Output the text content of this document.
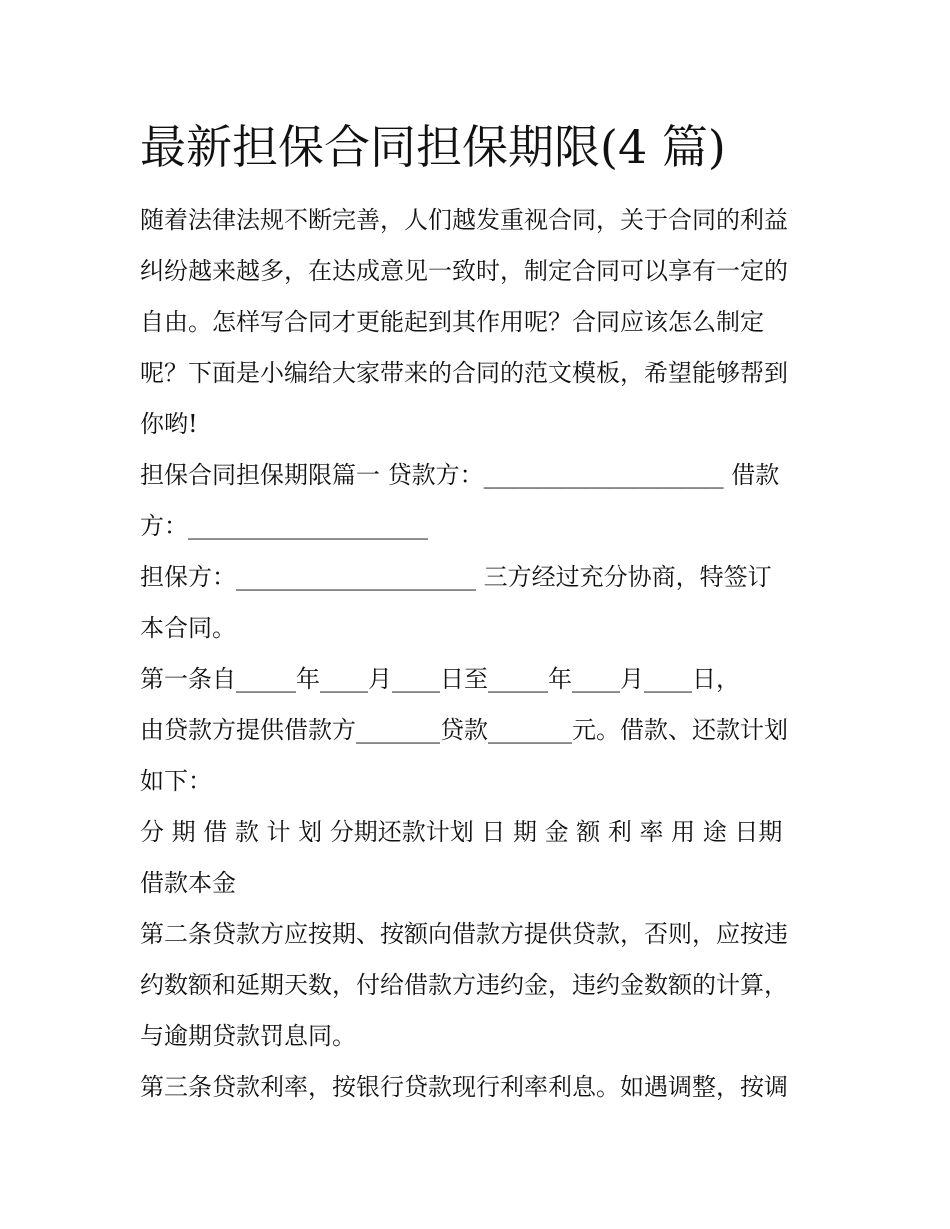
最新担保合同担保期限(4 篇)
随着法律法规不断完善，人们越发重视合同，关于合同的利益
纠纷越来越多，在达成意见一致时，制定合同可以享有一定的
自由。怎样写合同才更能起到其作用呢？合同应该怎么制定
呢？下面是小编给大家带来的合同的范文模板，希望能够帮到
你哟!
担保合同担保期限篇一 贷款方：____________________ 借款
方：____________________
担保方：____________________ 三方经过充分协商，特签订
本合同。
第一条自_____年____月____日至_____年____月____日，
由贷款方提供借款方_______贷款_______元。借款、还款计划
如下：
分 期 借 款 计 划 分期还款计划 日 期 金 额 利 率 用 途 日期
借款本金
第二条贷款方应按期、按额向借款方提供贷款，否则，应按违
约数额和延期天数，付给借款方违约金，违约金数额的计算，
与逾期贷款罚息同。
第三条贷款利率，按银行贷款现行利率利息。如遇调整，按调
